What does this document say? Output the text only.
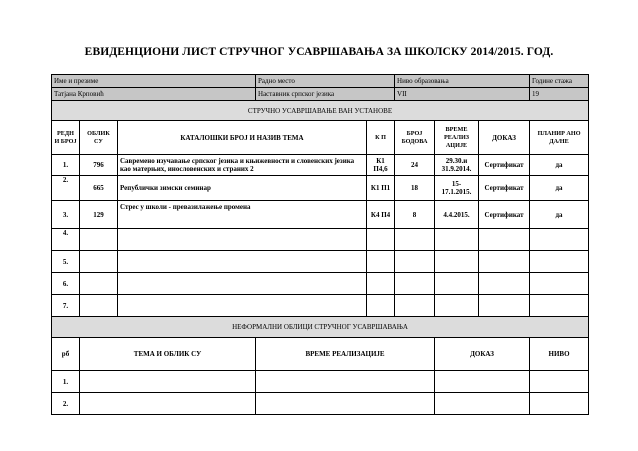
ЕВИДЕНЦИОНИ ЛИСТ СТРУЧНОГ УСАВРШАВАЊА ЗА ШКОЛСКУ 2014/2015. ГОД.
Име и презиме			Радно место		Ниво образовања			Године стажа
Татјана Крповић			Наставник српског језика		VII			19
СТРУЧНО УСАВРШАВАЊЕ ВАН УСТАНОВЕ								
РЕДН И БРОЈ	ОБЛИК СУ	КАТАЛОШКИ БРОЈ И НАЗИВ ТЕМА		К П	БРОЈ БОДОВА	ВРЕМЕ РЕАЛИЗ АЦИЈЕ	ДОКАЗ	ПЛАНИР АНО ДА/НЕ
1.	796	Савремено изучавање српског језика и књижевности и словенских језика као матерњих, инословенских и страних 2		К1 П4,6	24	29.30.и 31.9.2014.	Сертификат	да
2.	665	Републички зимски семинар		К1 П1	18	15- 17.1.2015.	Сертификат	да
3.	129	Стрес у школи - превазилажење промена		К4 П4	8	4.4.2015.	Сертификат	да
4.								
5.								
6.								
7.								
НЕФОРМАЛНИ ОБЛИЦИ СТРУЧНОГ УСАВРШАВАЊА								
рб	ТЕМА И ОБЛИК СУ		ВРЕМЕ РЕАЛИЗАЦИЈЕ			ДОКАЗ		НИВО
1.								
2.								
